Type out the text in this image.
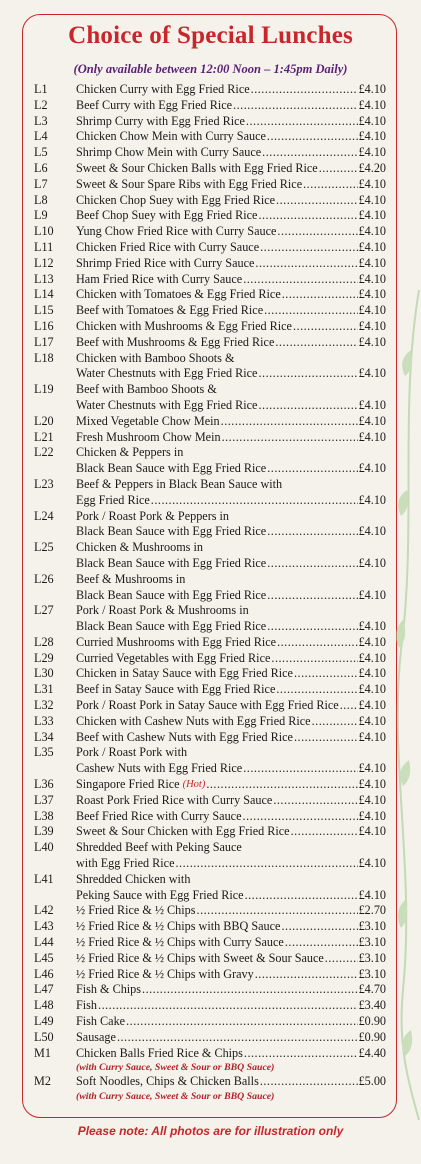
Choice of Special Lunches
(Only available between 12:00 Noon – 1:45pm Daily)
L1	Chicken Curry with Egg Fried Rice .....	£4.10
L2	Beef Curry with Egg Fried Rice .....	£4.10
L3	Shrimp Curry with Egg Fried Rice .....	£4.10
L4	Chicken Chow Mein with Curry Sauce .....	£4.10
L5	Shrimp Chow Mein with Curry Sauce .....	£4.10
L6	Sweet & Sour Chicken Balls with Egg Fried Rice .....	£4.20
L7	Sweet & Sour Spare Ribs with Egg Fried Rice .....	£4.10
L8	Chicken Chop Suey with Egg Fried Rice .....	£4.10
L9	Beef Chop Suey with Egg Fried Rice .....	£4.10
L10	Yung Chow Fried Rice with Curry Sauce .....	£4.10
L11	Chicken Fried Rice with Curry Sauce .....	£4.10
L12	Shrimp Fried Rice with Curry Sauce .....	£4.10
L13	Ham Fried Rice with Curry Sauce .....	£4.10
L14	Chicken with Tomatoes & Egg Fried Rice .....	£4.10
L15	Beef with Tomatoes & Egg Fried Rice .....	£4.10
L16	Chicken with Mushrooms & Egg Fried Rice .....	£4.10
L17	Beef with Mushrooms & Egg Fried Rice .....	£4.10
L18	Chicken with Bamboo Shoots &
Water Chestnuts with Egg Fried Rice .....	£4.10
L19	Beef with Bamboo Shoots &
Water Chestnuts with Egg Fried Rice .....	£4.10
L20	Mixed Vegetable Chow Mein .....	£4.10
L21	Fresh Mushroom Chow Mein .....	£4.10
L22	Chicken & Peppers in
Black Bean Sauce with Egg Fried Rice .....	£4.10
L23	Beef & Peppers in Black Bean Sauce with
Egg Fried Rice .....	£4.10
L24	Pork / Roast Pork & Peppers in
Black Bean Sauce with Egg Fried Rice .....	£4.10
L25	Chicken & Mushrooms in
Black Bean Sauce with Egg Fried Rice .....	£4.10
L26	Beef & Mushrooms in
Black Bean Sauce with Egg Fried Rice .....	£4.10
L27	Pork / Roast Pork & Mushrooms in
Black Bean Sauce with Egg Fried Rice .....	£4.10
L28	Curried Mushrooms with Egg Fried Rice .....	£4.10
L29	Curried Vegetables with Egg Fried Rice .....	£4.10
L30	Chicken in Satay Sauce with Egg Fried Rice .....	£4.10
L31	Beef in Satay Sauce with Egg Fried Rice .....	£4.10
L32	Pork / Roast Pork in Satay Sauce with Egg Fried Rice ..... £4.10
L33	Chicken with Cashew Nuts with Egg Fried Rice .....	£4.10
L34	Beef with Cashew Nuts with Egg Fried Rice .....	£4.10
L35	Pork / Roast Pork with
Cashew Nuts with Egg Fried Rice .....	£4.10
L36	Singapore Fried Rice (Hot) .....	£4.10
L37	Roast Pork Fried Rice with Curry Sauce .....	£4.10
L38	Beef Fried Rice with Curry Sauce .....	£4.10
L39	Sweet & Sour Chicken with Egg Fried Rice .....	£4.10
L40	Shredded Beef with Peking Sauce
with Egg Fried Rice .....	£4.10
L41	Shredded Chicken with
Peking Sauce with Egg Fried Rice .....	£4.10
L42	½ Fried Rice & ½ Chips .....	£2.70
L43	½ Fried Rice & ½ Chips with BBQ Sauce .....	£3.10
L44	½ Fried Rice & ½ Chips with Curry Sauce .....	£3.10
L45	½ Fried Rice & ½ Chips with Sweet & Sour Sauce .....	£3.10
L46	½ Fried Rice & ½ Chips with Gravy .....	£3.10
L47	Fish & Chips .....	£4.70
L48	Fish .....	£3.40
L49	Fish Cake .....	£0.90
L50	Sausage .....	£0.90
M1	Chicken Balls Fried Rice & Chips .....	£4.40
(with Curry Sauce, Sweet & Sour or BBQ Sauce)
M2	Soft Noodles, Chips & Chicken Balls .....	£5.00
(with Curry Sauce, Sweet & Sour or BBQ Sauce)
Please note: All photos are for illustration only
